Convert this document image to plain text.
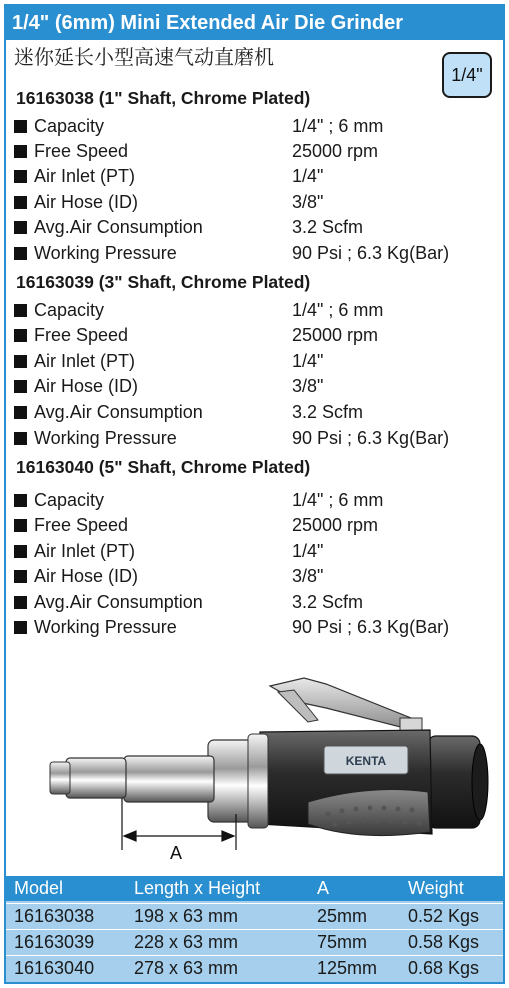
1/4" (6mm) Mini Extended Air Die Grinder
迷你延长小型高速气动直磨机
1/4"
16163038 (1" Shaft, Chrome Plated)
Capacity	1/4" ; 6 mm
Free Speed	25000 rpm
Air Inlet (PT)	1/4"
Air Hose (ID)	3/8"
Avg.Air Consumption	3.2 Scfm
Working Pressure	90 Psi ; 6.3 Kg(Bar)
16163039 (3" Shaft, Chrome Plated)
Capacity	1/4" ; 6 mm
Free Speed	25000 rpm
Air Inlet (PT)	1/4"
Air Hose (ID)	3/8"
Avg.Air Consumption	3.2 Scfm
Working Pressure	90 Psi ; 6.3 Kg(Bar)
16163040 (5" Shaft, Chrome Plated)
Capacity	1/4" ; 6 mm
Free Speed	25000 rpm
Air Inlet (PT)	1/4"
Air Hose (ID)	3/8"
Avg.Air Consumption	3.2 Scfm
Working Pressure	90 Psi ; 6.3 Kg(Bar)
KENTA
A
Model	Length x Height	A	Weight
16163038 198 x 63 mm	25mm 0.52 Kgs
16163039 228 x 63 mm	75mm 0.58 Kgs
16163040 278 x 63 mm	125mm 0.68 Kgs
